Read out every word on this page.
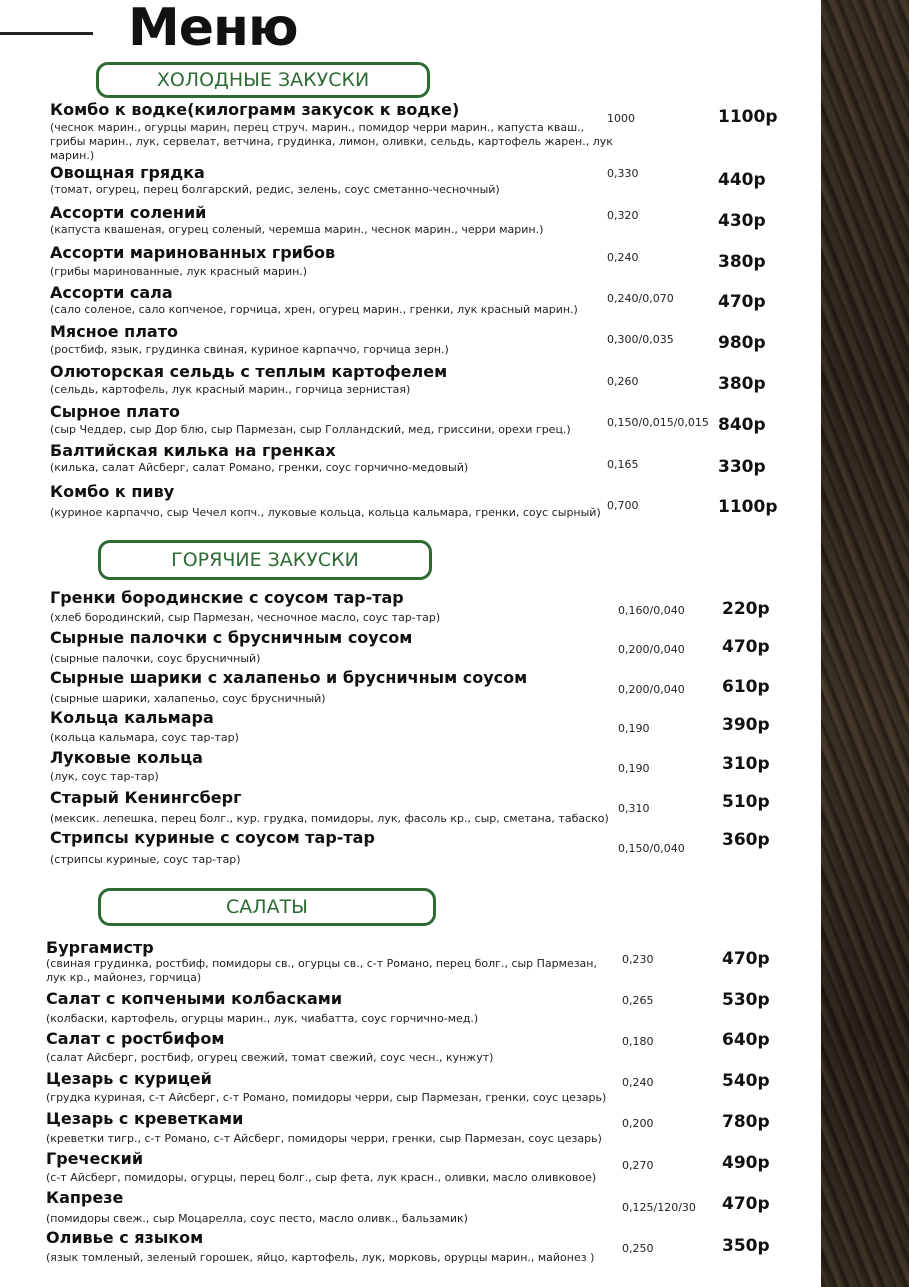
Меню
ХОЛОДНЫЕ ЗАКУСКИ
Комбо к водке(килограмм закусок к водке)
(чеснок марин., огурцы марин, перец струч. марин., помидор черри марин., капуста кваш., грибы марин., лук, сервелат, ветчина, грудинка, лимон, оливки, сельдь, картофель жарен., лук марин.)
1000	1100р
Овощная грядка
(томат, огурец, перец болгарский, редис, зелень, соус сметанно-чесночный)
0,330	440р
Ассорти солений
(капуста квашеная, огурец соленый, черемша марин., чеснок марин., черри марин.)
0,320	430р
Ассорти маринованных грибов
(грибы маринованные, лук красный марин.)
0,240	380р
Ассорти сала
(сало соленое, сало копченое, горчица, хрен, огурец марин., гренки, лук красный марин.)
0,240/0,070	470р
Мясное плато
(ростбиф, язык, грудинка свиная, куриное карпаччо, горчица зерн.)
0,300/0,035	980р
Олюторская сельдь с теплым картофелем
(сельдь, картофель, лук красный марин., горчица зернистая)
0,260	380р
Сырное плато
(сыр Чеддер, сыр Дор блю, сыр Пармезан, сыр Голландский, мед, гриссини, орехи грец.)
0,150/0,015/0,015 840р
Балтийская килька на гренках
(килька, салат Айсберг, салат Романо, гренки, соус горчично-медовый)	0,165	330р
Комбо к пиву
(куриное карпаччо, сыр Чечел копч., луковые кольца, кольца кальмара, гренки, соус сырный)
0,700	1100р
ГОРЯЧИЕ ЗАКУСКИ
Гренки бородинские с соусом тар-тар
(хлеб бородинский, сыр Пармезан, чесночное масло, соус тар-тар)
0,160/0,040 220р
Сырные палочки с брусничным соусом
(сырные палочки, соус брусничный)
0,200/0,040 470р
Сырные шарики с халапеньо и брусничным соусом
(сырные шарики, халапеньо, соус брусничный)
0,200/0,040 610р
Кольца кальмара
(кольца кальмара, соус тар-тар)
0,190	390р
Луковые кольца
(лук, соус тар-тар)
0,190	310р
Старый Кенингсберг
(мексик. лепешка, перец болг., кур. грудка, помидоры, лук, фасоль кр., сыр, сметана, табаско)
0,310	510р
Стрипсы куриные с соусом тар-тар
(стрипсы куриные, соус тар-тар)
0,150/0,040 360р
САЛАТЫ
Бургамистр
(свиная грудинка, ростбиф, помидоры св., огурцы св., с-т Романо, перец болг., сыр Пармезан, лук кр., майонез, горчица)
0,230	470р
Салат с копчеными колбасками
(колбаски, картофель, огурцы марин., лук, чиабатта, соус горчично-мед.)
0,265	530р
Салат с ростбифом
(салат Айсберг, ростбиф, огурец свежий, томат свежий, соус чесн., кунжут)
0,180	640р
Цезарь с курицей
(грудка куриная, с-т Айсберг, с-т Романо, помидоры черри, сыр Пармезан, гренки, соус цезарь)
0,240	540р
Цезарь с креветками
(креветки тигр., с-т Романо, с-т Айсберг, помидоры черри, гренки, сыр Пармезан, соус цезарь)
0,200	780р
Греческий
(с-т Айсберг, помидоры, огурцы, перец болг., сыр фета, лук красн., оливки, масло оливковое)
0,270	490р
Капрезе
(помидоры свеж., сыр Моцарелла, соус песто, масло оливк., бальзамик)
0,125/120/30 470р
Оливье с языком
(язык томленый, зеленый горошек, яйцо, картофель, лук, морковь, орурцы марин., майонез )
0,250	350р
